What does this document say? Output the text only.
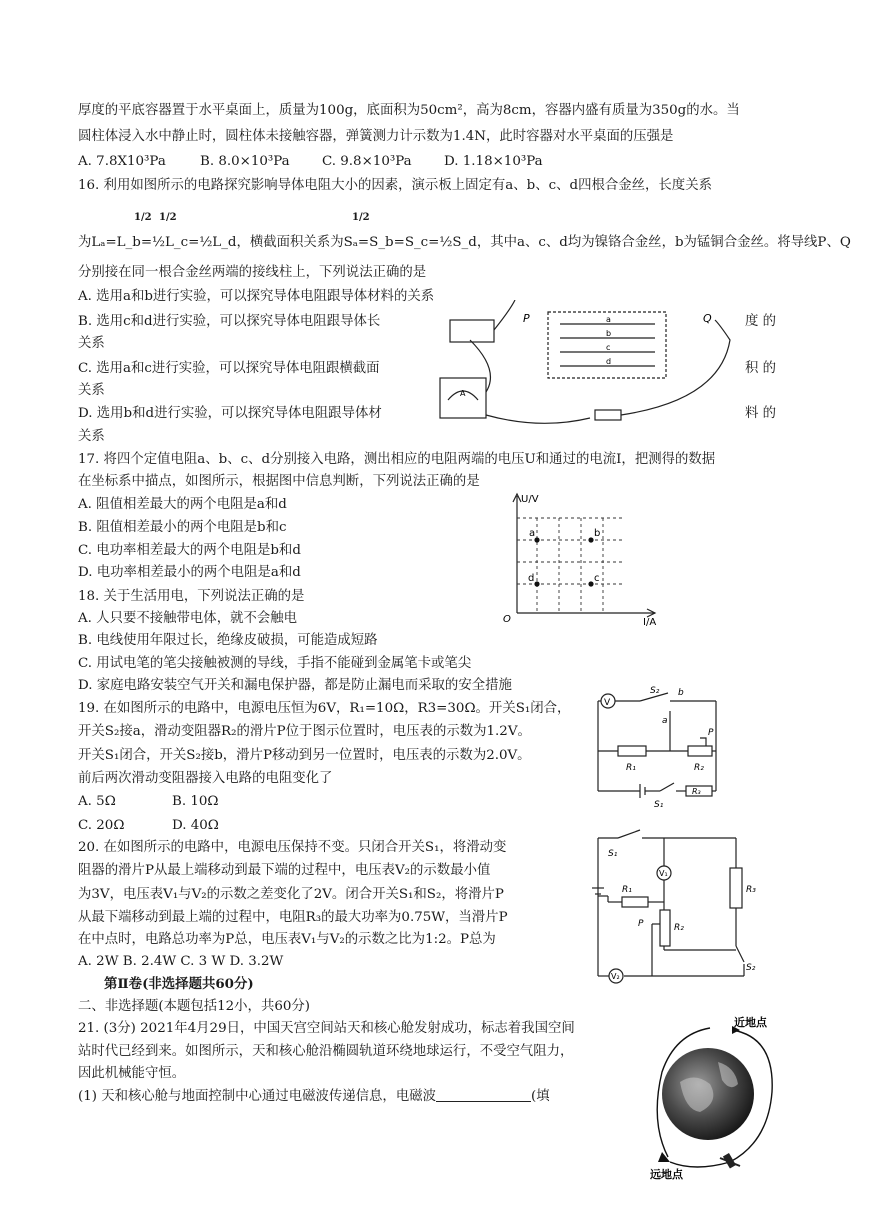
厚度的平底容器置于水平桌面上，质量为100g，底面积为50cm²，高为8cm，容器内盛有质量为350g的水。当
圆柱体浸入水中静止时，圆柱体未接触容器，弹簧测力计示数为1.4N，此时容器对水平桌面的压强是
A. 7.8X10³Pa	B. 8.0×10³Pa C. 9.8×10³Pa D. 1.18×10³Pa
16. 利用如图所示的电路探究影响导体电阻大小的因素，演示板上固定有a、b、c、d四根合金丝，长度关系
1/2 1/2	1/2
为Lₐ=L_b=½L_c=½L_d，横截面积关系为Sₐ=S_b=S_c=½S_d，其中a、c、d均为镍铬合金丝，b为锰铜合金丝。将导线P、Q
分别接在同一根合金丝两端的接线柱上，下列说法正确的是
A. 选用a和b进行实验，可以探究导体电阻跟导体材料的关系
B. 选用c和d进行实验，可以探究导体电阻跟导体长	度 的
关系
C. 选用a和c进行实验，可以探究导体电阻跟横截面	积 的
关系
D. 选用b和d进行实验，可以探究导体电阻跟导体材	料 的
关系
P	Q
a
b
c
d
A
17. 将四个定值电阻a、b、c、d分别接入电路，测出相应的电阻两端的电压U和通过的电流I，把测得的数据
在坐标系中描点，如图所示，根据图中信息判断，下列说法正确的是
A. 阻值相差最大的两个电阻是a和d
B. 阻值相差最小的两个电阻是b和c
C. 电功率相差最大的两个电阻是b和d
D. 电功率相差最小的两个电阻是a和d
U/V
I/A
O
a	b
c
d
18. 关于生活用电，下列说法正确的是
A. 人只要不接触带电体，就不会触电
B. 电线使用年限过长，绝缘皮破损，可能造成短路
C. 用试电笔的笔尖接触被测的导线，手指不能碰到金属笔卡或笔尖
D. 家庭电路安装空气开关和漏电保护器，都是防止漏电而采取的安全措施
19. 在如图所示的电路中，电源电压恒为6V，R₁=10Ω，R3=30Ω。开关S₁闭合，
开关S₂接a，滑动变阻器R₂的滑片P位于图示位置时，电压表的示数为1.2V。
开关S₁闭合，开关S₂接b，滑片P移动到另一位置时，电压表的示数为2.0V。
前后两次滑动变阻器接入电路的电阻变化了
A. 5Ω	B. 10Ω
C. 20Ω	D. 40Ω
V
S₂ b
a
P
R₁	R₂
S₁
R₃
20. 在如图所示的电路中，电源电压保持不变。只闭合开关S₁，将滑动变
阻器的滑片P从最上端移动到最下端的过程中，电压表V₂的示数最小值
为3V，电压表V₁与V₂的示数之差变化了2V。闭合开关S₁和S₂，将滑片P
从最下端移动到最上端的过程中，电阻R₃的最大功率为0.75W，当滑片P
在中点时，电路总功率为P总，电压表V₁与V₂的示数之比为1:2。P总为
A. 2W B. 2.4W C. 3 W D. 3.2W
S₁
V₁
R₁
P	R₂
R₃
S₂
V₂
第Ⅱ卷(非选择题共60分)
二、非选择题(本题包括12小，共60分)
21. (3分) 2021年4月29日，中国天宫空间站天和核心舱发射成功，标志着我国空间
站时代已经到来。如图所示，天和核心舱沿椭圆轨道环绕地球运行，不受空气阻力，
因此机械能守恒。
(1) 天和核心舱与地面控制中心通过电磁波传递信息，电磁波	(填
近地点
远地点
